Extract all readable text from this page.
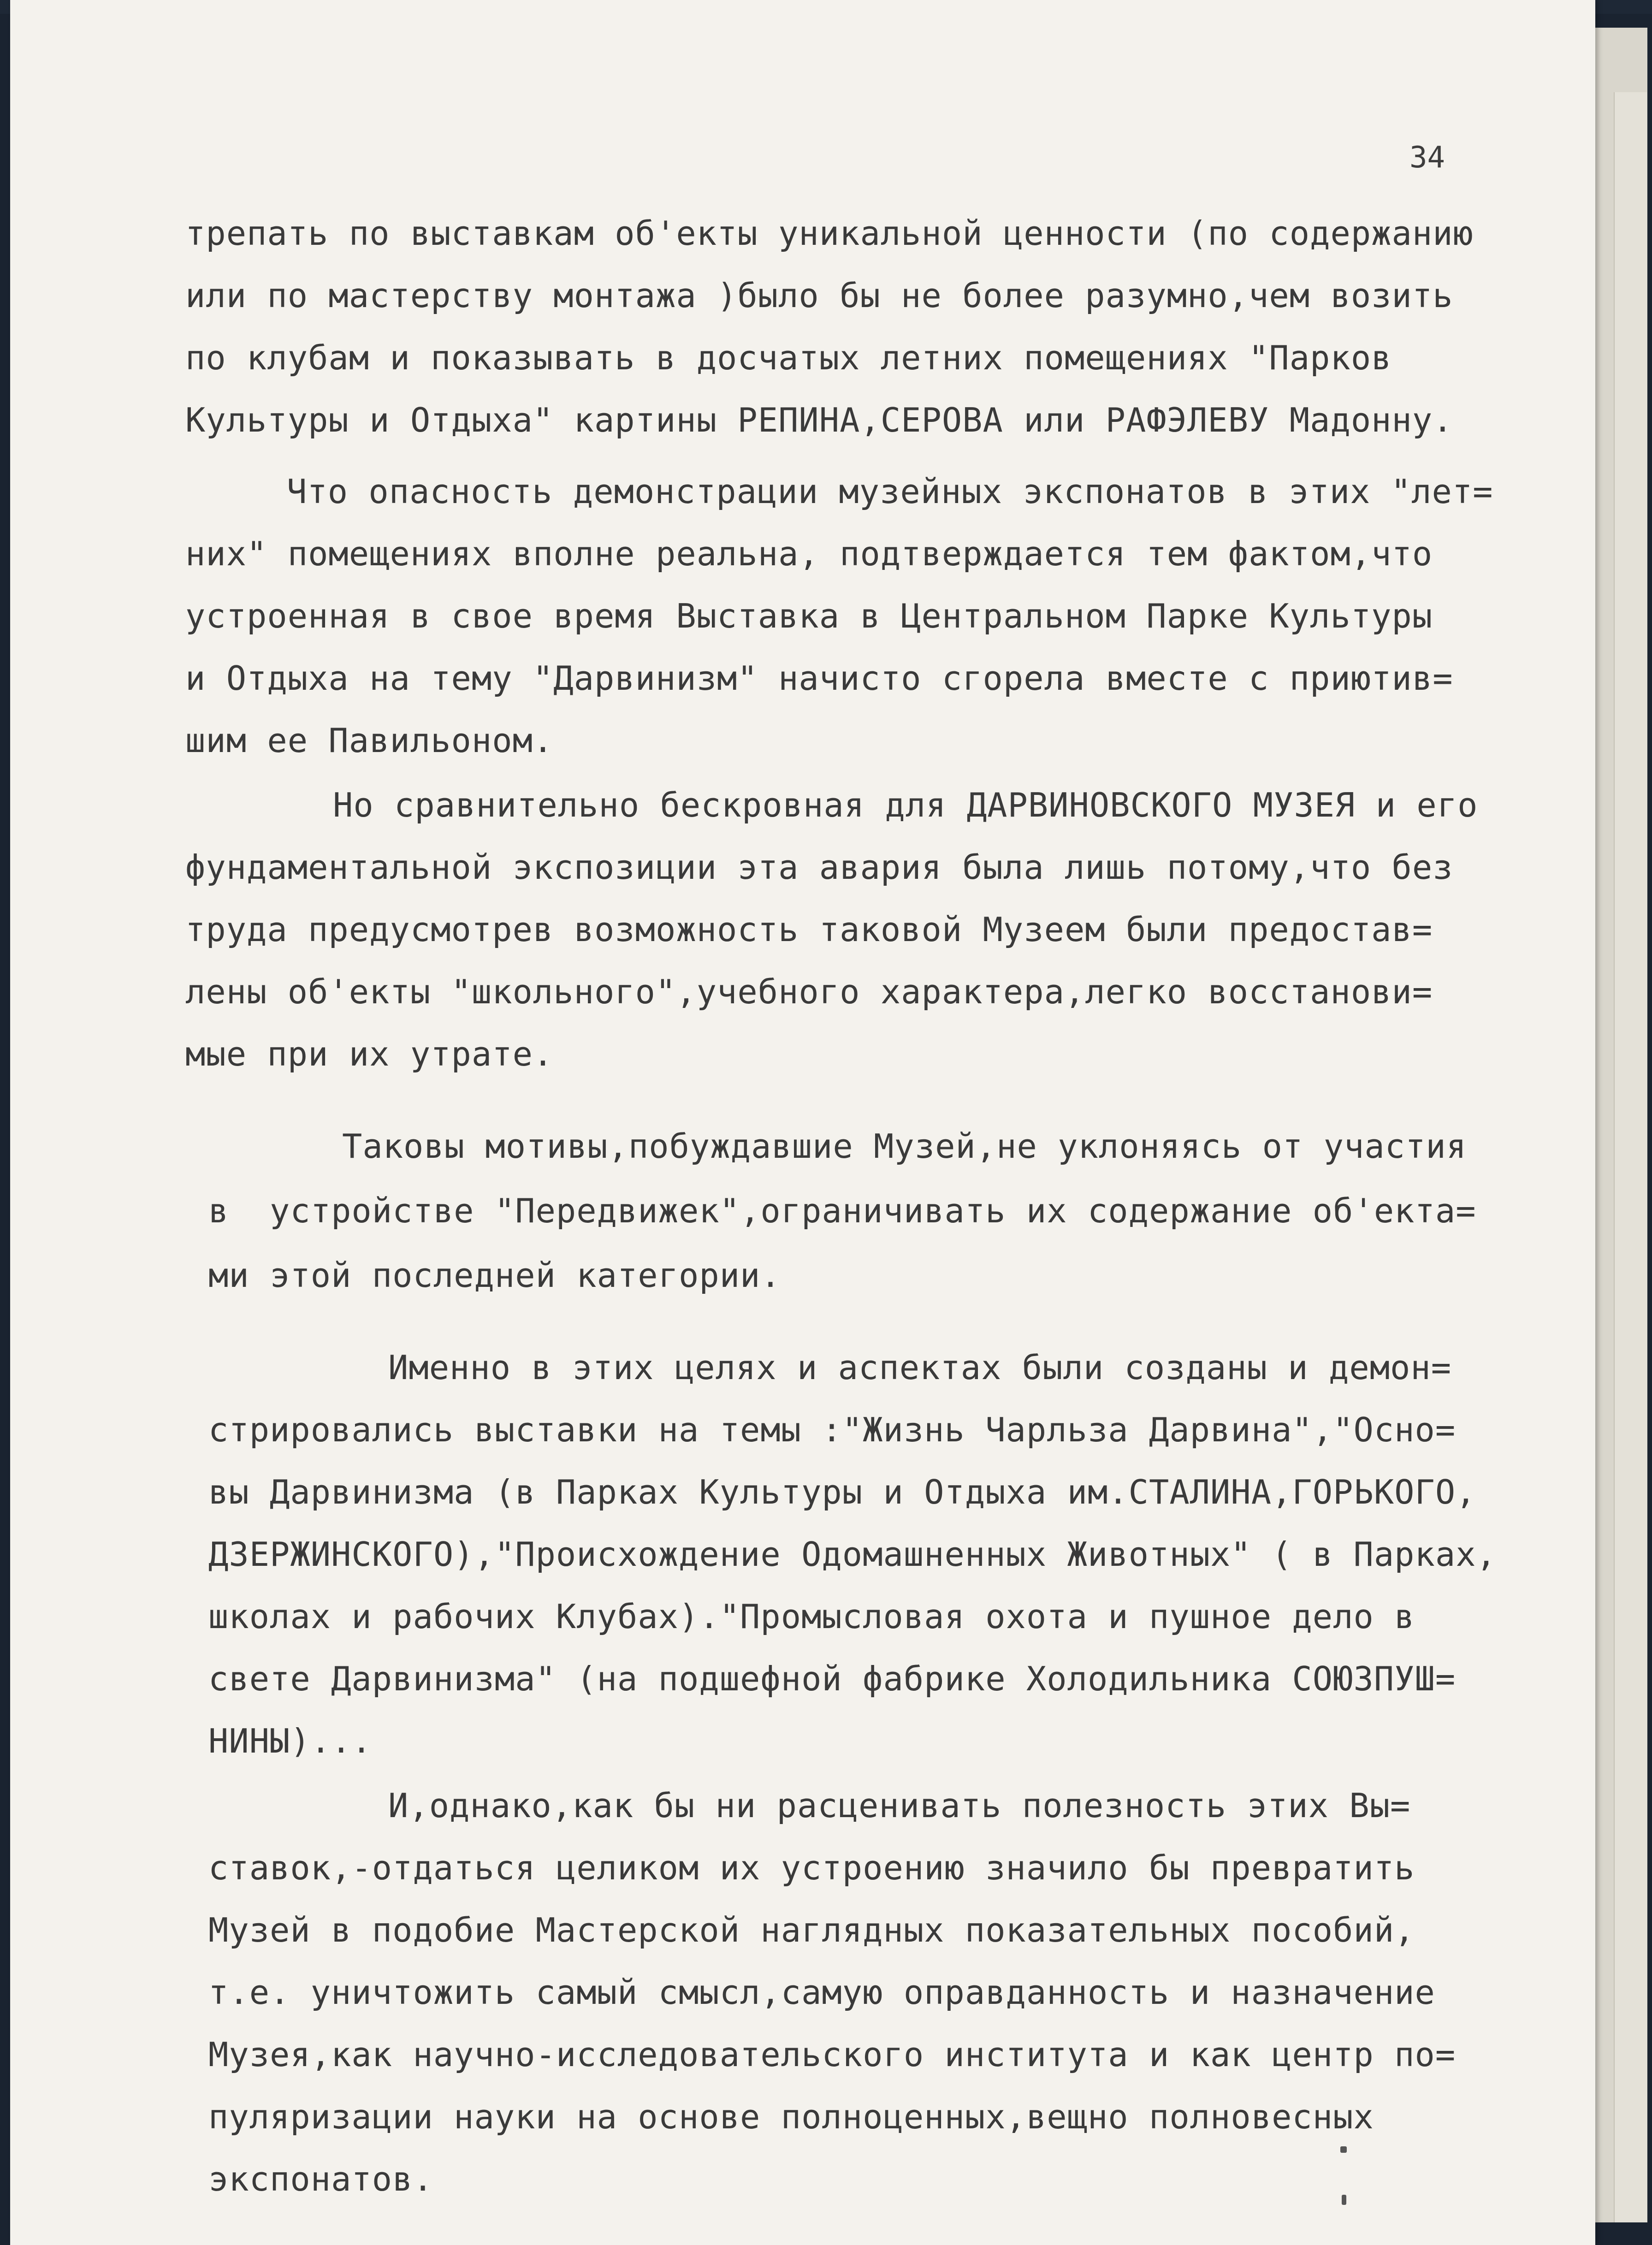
34
трепать по выставкам об'екты уникальной ценности (по содержанию
или по мастерству монтажа )было бы не более разумно,чем возить
по клубам и показывать в досчатых летних помещениях "Парков
Культуры и Отдыха" картины РЕПИНА,СЕРОВА или РАФЭЛЕВУ Мадонну.
Что опасность демонстрации музейных экспонатов в этих "лет=
них" помещениях вполне реальна, подтверждается тем фактом,что
устроенная в свое время Выставка в Центральном Парке Культуры
и Отдыха на тему "Дарвинизм" начисто сгорела вместе с приютив=
шим ее Павильоном.
Но сравнительно бескровная для ДАРВИНОВСКОГО МУЗЕЯ и его
фундаментальной экспозиции эта авария была лишь потому,что без
труда предусмотрев возможность таковой Музеем были предостав=
лены об'екты "школьного",учебного характера,легко восстанови=
мые при их утрате.
Таковы мотивы,побуждавшие Музей,не уклоняясь от участия
в  устройстве "Передвижек",ограничивать их содержание об'екта=
ми этой последней категории.
Именно в этих целях и аспектах были созданы и демон=
стрировались выставки на темы :"Жизнь Чарльза Дарвина","Осно=
вы Дарвинизма (в Парках Культуры и Отдыха им.СТАЛИНА,ГОРЬКОГО,
ДЗЕРЖИНСКОГО),"Происхождение Одомашненных Животных" ( в Парках,
школах и рабочих Клубах)."Промысловая охота и пушное дело в
свете Дарвинизма" (на подшефной фабрике Холодильника СОЮЗПУШ=
НИНЫ)...
И,однако,как бы ни расценивать полезность этих Вы=
ставок,-отдаться целиком их устроению значило бы превратить
Музей в подобие Мастерской наглядных показательных пособий,
т.е. уничтожить самый смысл,самую оправданность и назначение
Музея,как научно-исследовательского института и как центр по=
пуляризации науки на основе полноценных,вещно полновесных
экспонатов.
